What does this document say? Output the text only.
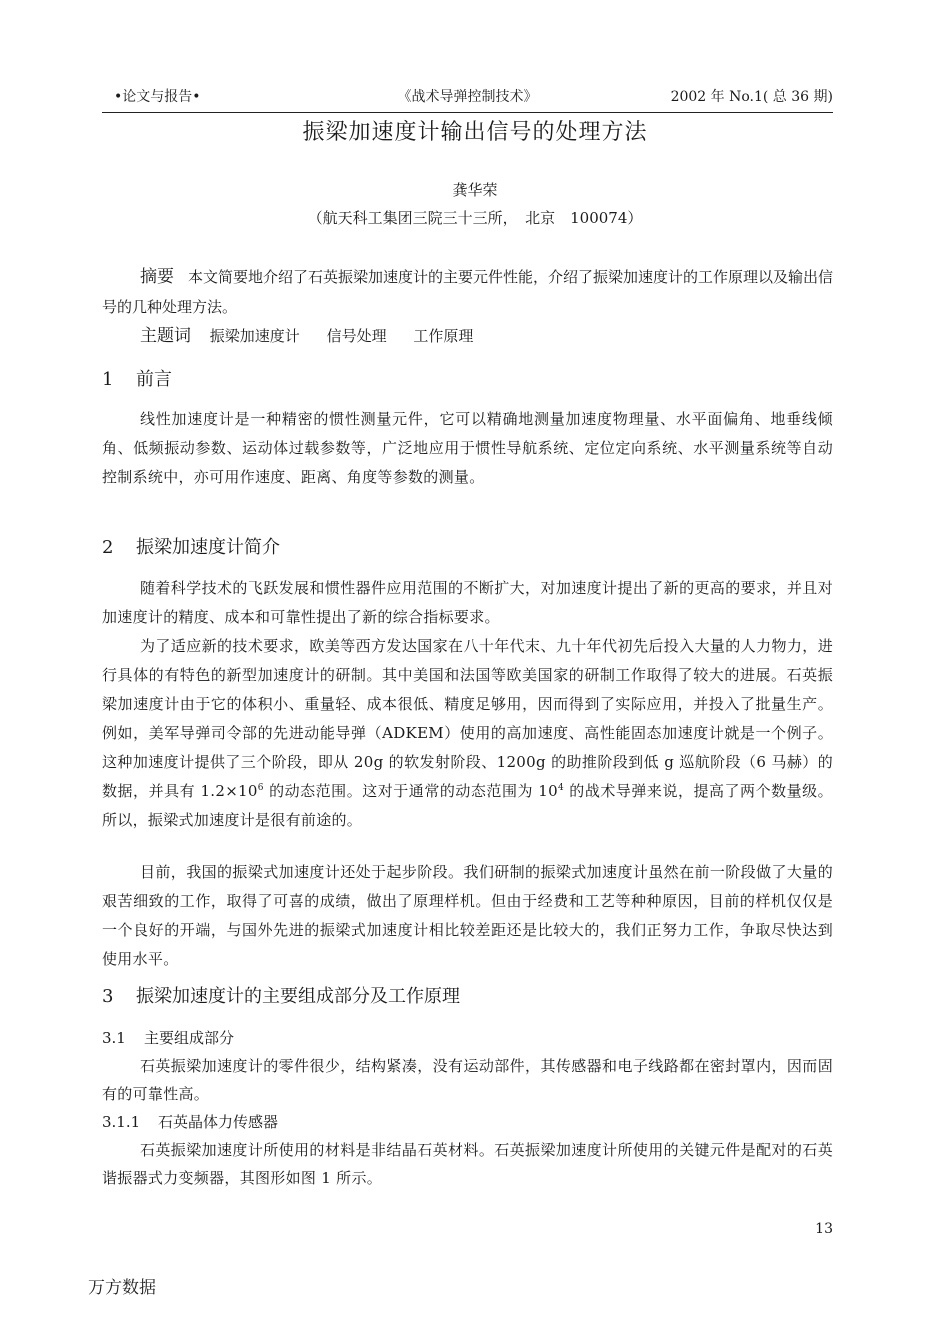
•论文与报告•	《战术导弹控制技术》	2002 年 No.1( 总 36 期)
振梁加速度计输出信号的处理方法
龚华荣
（航天科工集团三院三十三所，　北京　100074）
摘要 本文简要地介绍了石英振梁加速度计的主要元件性能，介绍了振梁加速度计的工作原理以及输出信号的几种处理方法。
主题词 振梁加速度计 信号处理 工作原理
1 前言
线性加速度计是一种精密的惯性测量元件，它可以精确地测量加速度物理量、水平面偏角、地垂线倾角、低频振动参数、运动体过载参数等，广泛地应用于惯性导航系统、定位定向系统、水平测量系统等自动控制系统中，亦可用作速度、距离、角度等参数的测量。
2 振梁加速度计简介
随着科学技术的飞跃发展和惯性器件应用范围的不断扩大，对加速度计提出了新的更高的要求，并且对加速度计的精度、成本和可靠性提出了新的综合指标要求。
为了适应新的技术要求，欧美等西方发达国家在八十年代末、九十年代初先后投入大量的人力物力，进行具体的有特色的新型加速度计的研制。其中美国和法国等欧美国家的研制工作取得了较大的进展。石英振梁加速度计由于它的体积小、重量轻、成本很低、精度足够用，因而得到了实际应用，并投入了批量生产。例如，美军导弹司令部的先进动能导弹（ADKEM）使用的高加速度、高性能固态加速度计就是一个例子。这种加速度计提供了三个阶段，即从 20g 的软发射阶段、1200g 的助推阶段到低 g 巡航阶段（6 马赫）的数据，并具有 $1.2\times 10^6$ 的动态范围。这对于通常的动态范围为 $10^4$ 的战术导弹来说，提高了两个数量级。所以，振梁式加速度计是很有前途的。
目前，我国的振梁式加速度计还处于起步阶段。我们研制的振梁式加速度计虽然在前一阶段做了大量的艰苦细致的工作，取得了可喜的成绩，做出了原理样机。但由于经费和工艺等种种原因，目前的样机仅仅是一个良好的开端，与国外先进的振梁式加速度计相比较差距还是比较大的，我们正努力工作，争取尽快达到使用水平。
3 振梁加速度计的主要组成部分及工作原理
3.1 主要组成部分
石英振梁加速度计的零件很少，结构紧凑，没有运动部件，其传感器和电子线路都在密封罩内，因而固有的可靠性高。
3.1.1 石英晶体力传感器
石英振梁加速度计所使用的材料是非结晶石英材料。石英振梁加速度计所使用的关键元件是配对的石英谐振器式力变频器，其图形如图 1 所示。
13
万方数据
